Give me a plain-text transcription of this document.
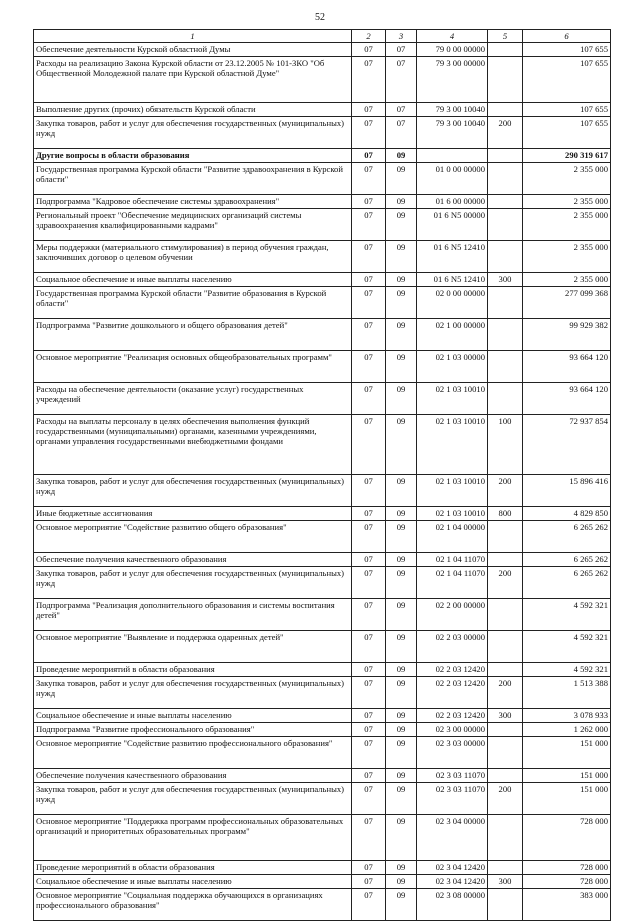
52
1	2	3	4	5	6
Обеспечение деятельности Курской областной Думы	07	07	79 0 00 00000		107 655
Расходы на реализацию Закона Курской области от 23.12.2005 № 101-ЗКО "Об Общественной Молодежной палате при Курской областной Думе"	07	07	79 3 00 00000		107 655
Выполнение других (прочих) обязательств Курской области	07	07	79 3 00 10040		107 655
Закупка товаров, работ и услуг для обеспечения государственных (муниципальных) нужд	07	07	79 3 00 10040	200	107 655
Другие вопросы в области образования	07	09			290 319 617
Государственная программа Курской области "Развитие здравоохранения в Курской области"	07	09	01 0 00 00000		2 355 000
Подпрограмма "Кадровое обеспечение системы здравоохранения"	07	09	01 6 00 00000		2 355 000
Региональный проект "Обеспечение медицинских организаций системы здравоохранения квалифицированными кадрами"	07	09	01 6 N5 00000		2 355 000
Меры поддержки (материального стимулирования) в период обучения граждан, заключивших договор о целевом обучении	07	09	01 6 N5 12410		2 355 000
Социальное обеспечение и иные выплаты населению	07	09	01 6 N5 12410	300	2 355 000
Государственная программа Курской области "Развитие образования в Курской области"	07	09	02 0 00 00000		277 099 368
Подпрограмма "Развитие дошкольного и общего образования детей"	07	09	02 1 00 00000		99 929 382
Основное мероприятие "Реализация основных общеобразовательных программ"	07	09	02 1 03 00000		93 664 120
Расходы на обеспечение деятельности (оказание услуг) государственных учреждений	07	09	02 1 03 10010		93 664 120
Расходы на выплаты персоналу в целях обеспечения выполнения функций государственными (муниципальными) органами, казенными учреждениями, органами управления государственными внебюджетными фондами	07	09	02 1 03 10010	100	72 937 854
Закупка товаров, работ и услуг для обеспечения государственных (муниципальных) нужд	07	09	02 1 03 10010	200	15 896 416
Иные бюджетные ассигнования	07	09	02 1 03 10010	800	4 829 850
Основное мероприятие "Содействие развитию общего образования"	07	09	02 1 04 00000		6 265 262
Обеспечение получения качественного образования	07	09	02 1 04 11070		6 265 262
Закупка товаров, работ и услуг для обеспечения государственных (муниципальных) нужд	07	09	02 1 04 11070	200	6 265 262
Подпрограмма "Реализация дополнительного образования и системы воспитания детей"	07	09	02 2 00 00000		4 592 321
Основное мероприятие "Выявление и поддержка одаренных детей"	07	09	02 2 03 00000		4 592 321
Проведение мероприятий в области образования	07	09	02 2 03 12420		4 592 321
Закупка товаров, работ и услуг для обеспечения государственных (муниципальных) нужд	07	09	02 2 03 12420	200	1 513 388
Социальное обеспечение и иные выплаты населению	07	09	02 2 03 12420	300	3 078 933
Подпрограмма "Развитие профессионального образования"	07	09	02 3 00 00000		1 262 000
Основное мероприятие "Содействие развитию профессионального образования"	07	09	02 3 03 00000		151 000
Обеспечение получения качественного образования	07	09	02 3 03 11070		151 000
Закупка товаров, работ и услуг для обеспечения государственных (муниципальных) нужд	07	09	02 3 03 11070	200	151 000
Основное мероприятие "Поддержка программ профессиональных образовательных организаций и приоритетных образовательных программ"	07	09	02 3 04 00000		728 000
Проведение мероприятий в области образования	07	09	02 3 04 12420		728 000
Социальное обеспечение и иные выплаты населению	07	09	02 3 04 12420	300	728 000
Основное мероприятие "Социальная поддержка обучающихся в организациях профессионального образования"	07	09	02 3 08 00000		383 000
